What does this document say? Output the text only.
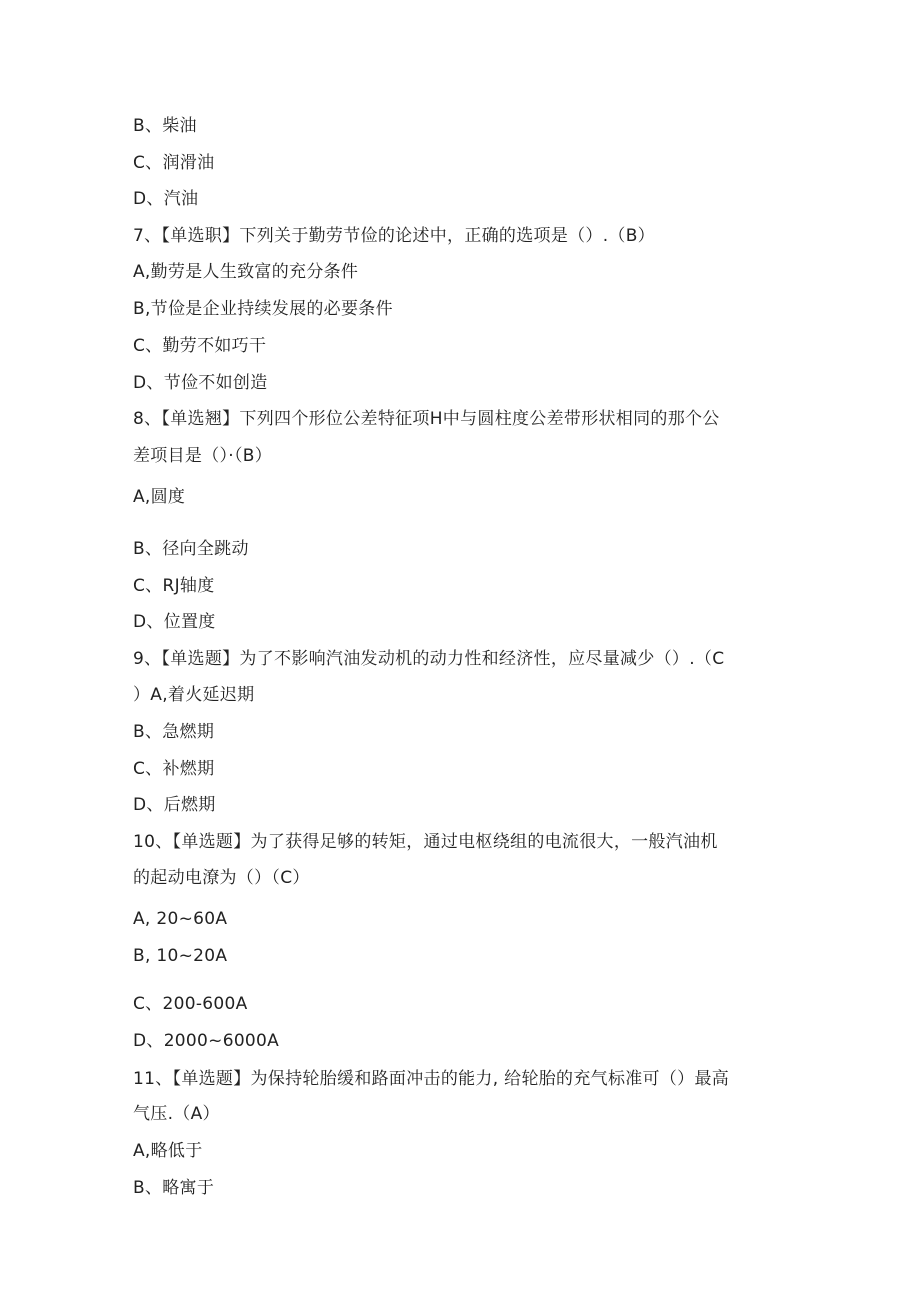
B、柴油
C、润滑油
D、汽油
7、【单选职】下列关于勤劳节俭的论述中，正确的选项是（）.（B）
A,勤劳是人生致富的充分条件
B,节俭是企业持续发展的必要条件
C、勤劳不如巧干
D、节俭不如创造
8、【单选翘】下列四个形位公差特征项H中与圆柱度公差带形状相同的那个公
差项目是（）·（B）
A,圆度
B、径向全跳动
C、RJ轴度
D、位置度
9、【单选题】为了不影响汽油发动机的动力性和经济性，应尽量减少（）.（C
）A,着火延迟期
B、急燃期
C、补燃期
D、后燃期
10、【单选题】为了获得足够的转矩，通过电枢绕组的电流很大，一般汽油机
的起动电潦为（）（C）
A, 20~60A
B, 10~20A
C、200-600A
D、2000~6000A
11、【单选题】为保持轮胎缓和路面冲击的能力, 给轮胎的充气标准可（）最高
气压.（A）
A,略低于
B、略寓于
